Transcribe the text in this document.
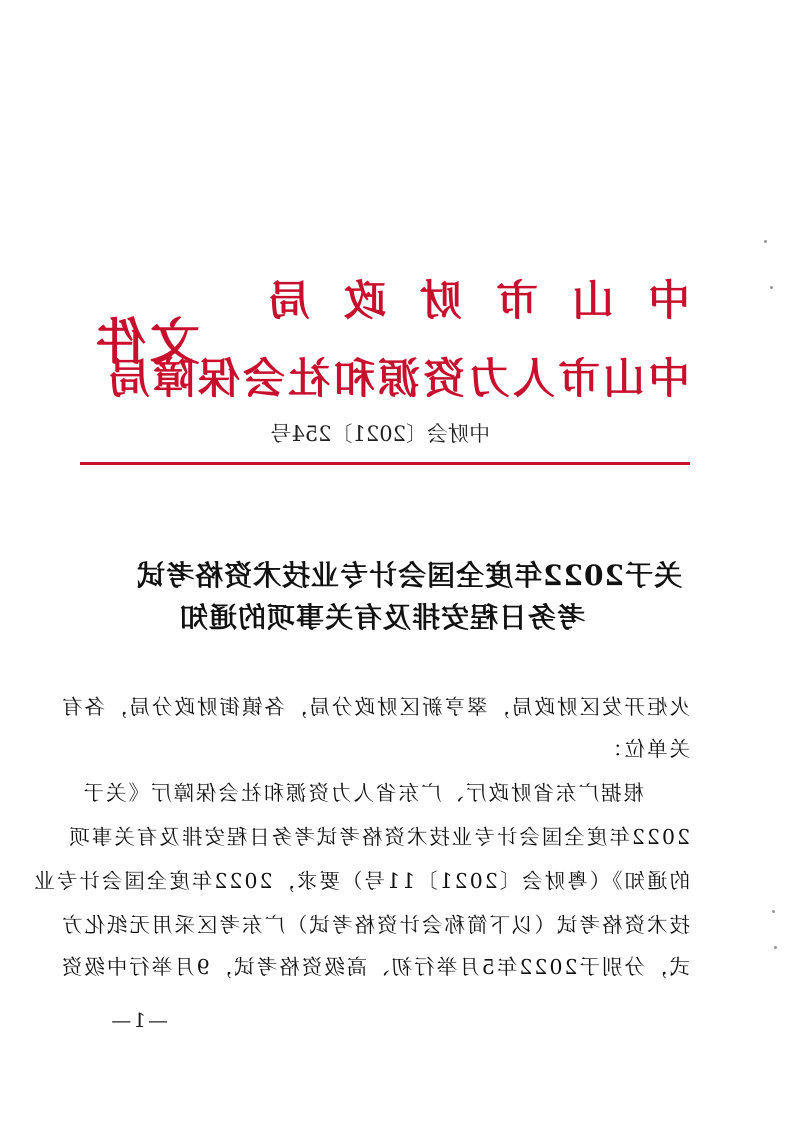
中山市财政局
中山市人力资源和社会保障局
文件
中财会〔2021〕254号
关于2022年度全国会计专业技术资格考试
考务日程安排及有关事项的通知
火炬开发区财政局，翠亨新区财政分局，各镇街财政分局，各有
关单位：
根据广东省财政厅、广东省人力资源和社会保障厅《关于
2022年度全国会计专业技术资格考试考务日程安排及有关事项
的通知》（粤财会〔2021〕11号）要求，2022年度全国会计专业
技术资格考试（以下简称会计资格考试）广东考区采用无纸化方
式，分别于2022年5月举行初、高级资格考试，9月举行中级资
—1—
